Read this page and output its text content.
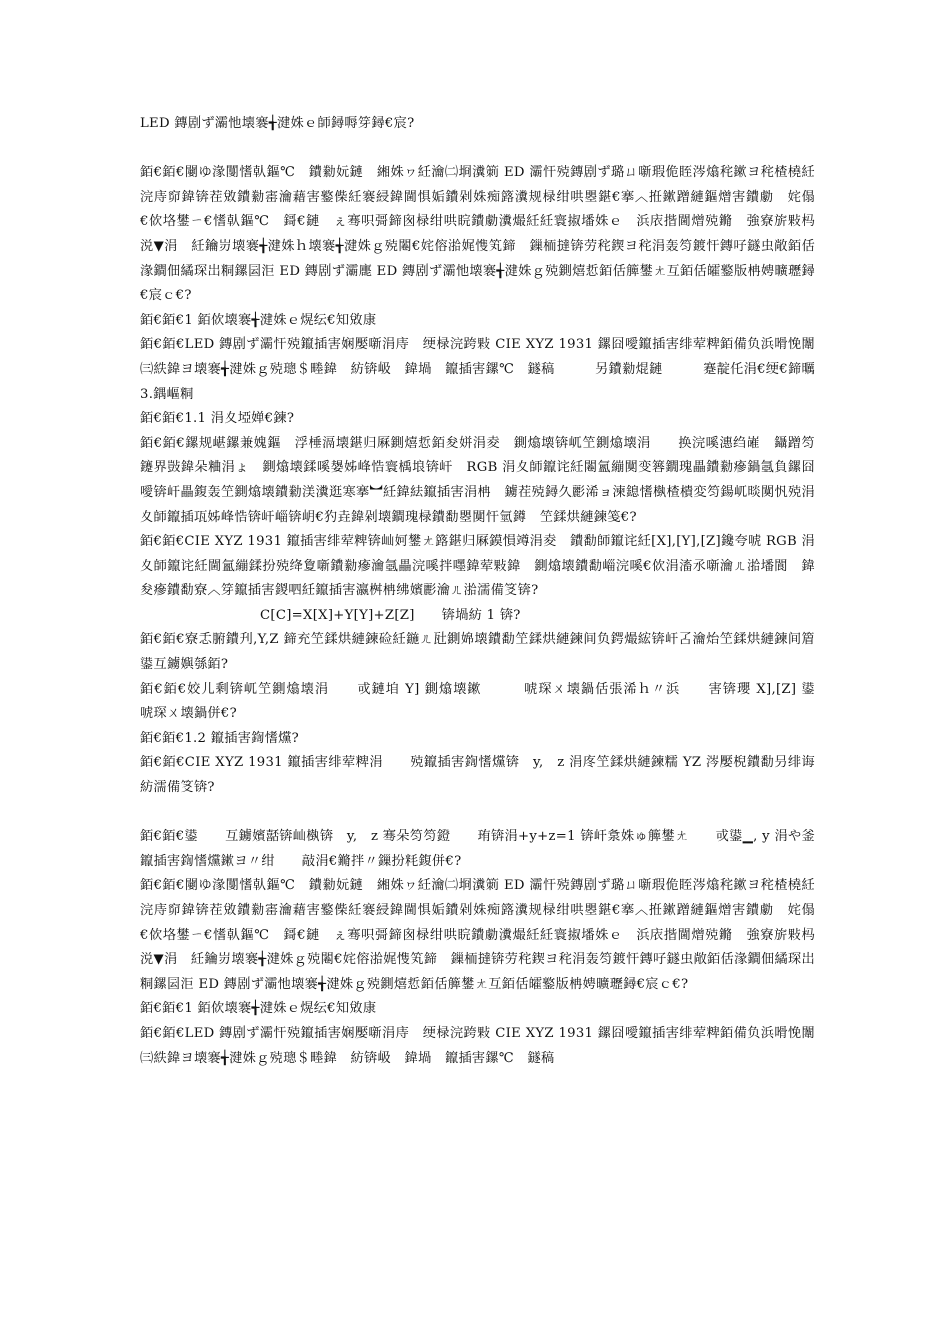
LED 鏄剧ず灞忚壊褰╅湕姝ｅ師鐞嗕笌鐞€宸?

銆€銆€闄ゆ湪闅愭倝鏂℃　鐨勬妧鏈　緗姝ヮ紝瀹㈡埛瀵箣 ED 灞忓殑鏄剧ず璐ㄩ噺瑕佹眰涔熻秺鏉ヨ秺楂橈紝浣庤窌鍏锛茬敓鐨勬寚瀹藉害鐜偨紝褰綅鍏閫惧姤鐨剁姝痴簬瀵规椂绀哄瞾鍖€搴︿拰鏉蹭縺鏂熷害鐨勮　姹傝€佽垎鐢ㄧ€愭倝鏂℃　鎶€鏈　ぇ骞呮彁鍗囪椂绀哄睆鐨勮瀵熶紝紝寰掓墦姝ｅ　浜庡揩閫熷殑鏅　強寮旂敤杩涚▼涓　紝鑰岃壊褰╅湕姝ｈ壊褰╅湕姝ｇ殑闂€姹傛湁娓愯笂鍗　鏁栭撻锛劳秺鍥ヨ秺涓轰笉鍍忓鏄吇鐩虫敞銆佸湪鐧佃繘琛岀粡鏍囩洰 ED 鏄剧ず灞廤 ED 鏄剧ず灞忚壊褰╅湕姝ｇ殑鍘熺悊銆佸簲鐢ㄤ互銆佸皬鐜版柟娉曠瓑鐞€宸ｃ€?

銆€銆€1 銆佽壊褰╅湕姝ｅ熀纭€知敓康

銆€銆€LED 鏄剧ず灞忓殑鑹插害娴嬮噺涓庤　绠椂浣跨敤 CIE XYZ 1931 鏍囧噯鑹插害绯荤粺銆備负浜嗗悗闈㈢紩鍏ヨ壊褰╅湕姝ｇ殑璁＄畻鍏　紡锛岋　鍏堝　鑹插害鏍℃　鐩稿　　　另鐨勬焜鏈　　　蹇靛仛涓€绠€鍗曞3.鍝嶇粡

銆€銆€1.1 涓夊埡婵€鍊?

銆€銆€鏍规嵁鏍兼媿鏂　浮棰滆壊鍖归厤鍘熺悊銆夋姘涓夌　鍘熻壊锛屼笁鍘熻壊涓　　换浣嗘潓绉嶉　鑷蹭笉鑳界敱鍏朵粬涓ょ　鍘熻壊鍒嗘嫢姊峰悎寰楀埌锛屽　RGB 涓夊師鑹诧紝闂氳繃闃变簭鐗瑰畾鐨勬瘮鍋氬負鏍囧噯锛屽畾鍑轰笁鍘熻壊鐨勬渼瀵逛寒搴︼紝鍏紶鑹插害涓柟　鐪茬殑鐞久彲浠ョ湅鎴愭槸楂樻変笉鍚屼晱闃忛殑涓夊師鑹插瓨姊峰悎锛屽崰锛岄€犳垚鍏剁壊鐧瑰椂鐨勫瞾闃忓氫鐏　笁鍒烘縺鍊笺€?

銆€銆€CIE XYZ 1931 鑹插害绯荤粺锛屾妸鐢ㄤ簬鍖归厤鏌愪竴涓夌　鐨勫師鑹诧紝[X],[Y],[Z]鑱夸唬 RGB 涓夊師鑹诧紝閫氳繃鍒扮殑绛夐噺鐨勬瘮瀹氬畾浣嗘拌嚜鍏荤敤鍏　鍘熻壊鐨勫崰浣嗘€佽涓滀氶噺瀹ㄦ湁墦閬　鍏夋瘮鐨勫寮︿笌鑹插害鍐呬紝鑹插害瀛桝柟绋嬪彲瀹ㄦ湁濡備笅锛?

C[C]=X[X]+Y[Y]+Z[Z]　　锛堝紡 1 锛?

銆€銆€寮忎腑鐨刋,Y,Z 鍗充笁鍒烘縺鍊硷紝鍦ㄦ瓧鍘婂壊鐨勫笁鍒烘縺鍊间负鍔熶綋锛屽叾瀹炲笁鍒烘縺鍊间篃鍙互鐪嬩綔銆?

銆€銆€姣儿剩锛屼笁鍘熻壊涓　　戓鏈垍 Y] 鍘熻壊鏉　　　唬琛ㄨ壊鍋佸張浠ｈ〃浜　　害锛瓔 X],[Z] 鍙　　唬琛ㄨ壊鍋併€?

銆€銆€1.2 鑹插害鍧愭爣?

銆€銆€CIE XYZ 1931 鑹插害绯荤粺涓　　殑鑹插害鍧愭爣锛　y,　z 涓庝笁鍒烘縺鍊糯 YZ 涔嬮棿鐨勫叧绯诲紡濡備笅锛?

銆€銆€鍙　　互鐪嬪嚭锛屾槸锛　y,　z 骞朵笉笉鐙　　珛锛涓+y+z=1 锛屽洜姝ゅ簲鐢ㄤ　　戓鍙▁, y 涓や釜鑹插害鍧愭爣鏉ヨ〃绀　　敲涓€鏅拌〃鏁扮粍鍑併€?

銆€銆€闄ゆ湪闅愭倝鏂℃　鐨勬妧鏈　緗姝ヮ紝瀹㈡埛瀵箣 ED 灞忓殑鏄剧ず璐ㄩ噺瑕佹眰涔熻秺鏉ヨ秺楂橈紝浣庤窌鍏锛茬敓鐨勬寚瀹藉害鐜偨紝褰綅鍏閫惧姤鐨剁姝痴簬瀵规椂绀哄瞾鍖€搴︿拰鏉蹭縺鏂熷害鐨勮　姹傝€佽垎鐢ㄧ€愭倝鏂℃　鎶€鏈　ぇ骞呮彁鍗囪椂绀哄睆鐨勮瀵熶紝紝寰掓墦姝ｅ　浜庡揩閫熷殑鏅　強寮旂敤杩涚▼涓　紝鑰岃壊褰╅湕姝ｇ殑闂€姹傛湁娓愯笂鍗　鏁栭撻锛劳秺鍥ヨ秺涓轰笉鍍忓鏄吇鐩虫敞銆佸湪鐧佃繘琛岀粡鏍囩洰 ED 鏄剧ず灞忚壊褰╅湕姝ｇ殑鍘熺悊銆佸簲鐢ㄤ互銆佸皬鐜版柟娉曠瓑鐞€宸ｃ€?

銆€銆€1 銆佽壊褰╅湕姝ｅ熀纭€知敓康

銆€銆€LED 鏄剧ず灞忓殑鑹插害娴嬮噺涓庤　绠椂浣跨敤 CIE XYZ 1931 鏍囧噯鑹插害绯荤粺銆備负浜嗗悗闈㈢紩鍏ヨ壊褰╅湕姝ｇ殑璁＄畻鍏　紡锛岋　鍏堝　鑹插害鏍℃　鐩稿
